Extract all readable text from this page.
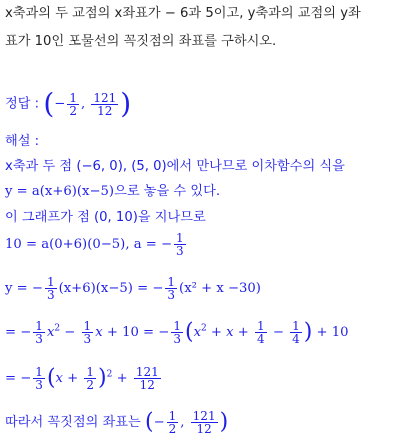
x축과의 두 교점의 x좌표가 − 6과 5이고, y축과의 교점의 y좌
표가 10인 포물선의 꼭짓점의 좌표를 구하시오.
정답 : (− $\frac{1}{2}$ , $\frac{121}{12}$ )
해설 :
x축과 두 점 (−6, 0), (5, 0)에서 만나므로 이차함수의 식을
y = a(x+6)(x−5)으로 놓을 수 있다.
이 그래프가 점 (0, 10)을 지나므로
10 = a(0+6)(0−5), a = − $\frac{1}{3}$
y = − $\frac{1}{3} (x+6)(x-5)$ = − $\frac{1}{3} (x^2 + x -30)$
= − $\frac{1}{3} x^2 - \frac{1}{3}$ x + 10 = − $\frac{1}{3} (x^2 + x + \frac{1}{4} - \frac{1}{4}$ ) + 10
= − $\frac{1}{3} (x + \frac{1}{2} )^2 + \frac{121}{12}$
따라서 꼭짓점의 좌표는 (− $\frac{1}{2}$ , $\frac{121}{12}$ )
